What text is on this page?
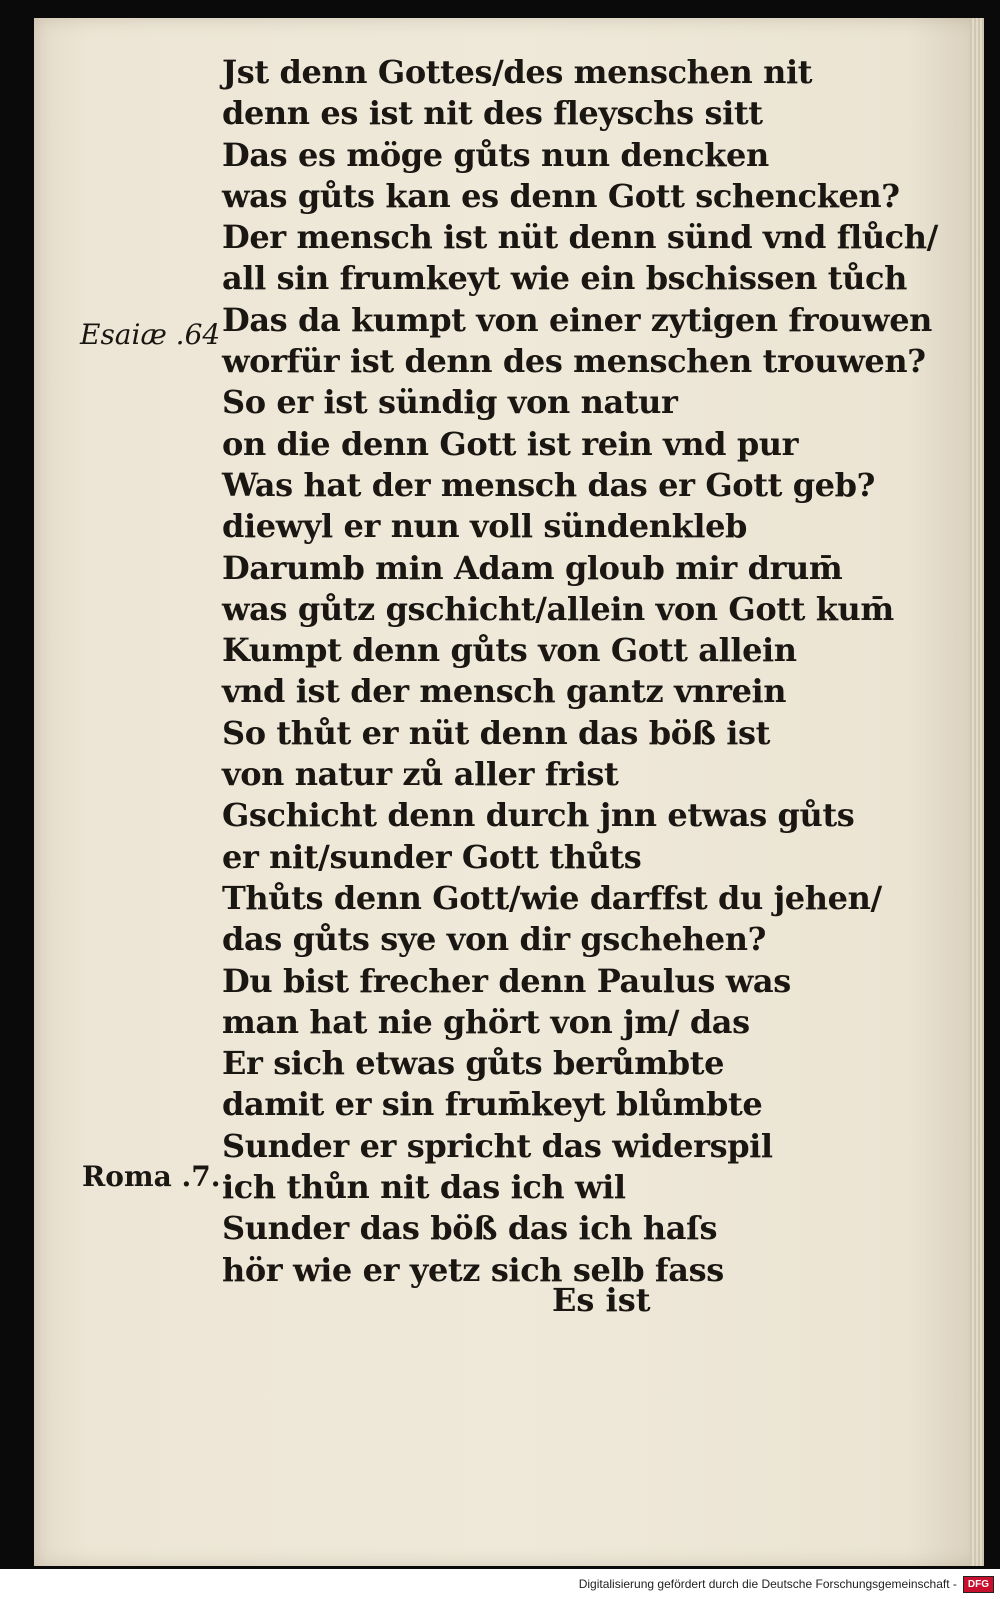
Jst denn Gottes/des menschen nit
denn es ist nit des fleyschs sitt
Das es möge gůts nun dencken
was gůts kan es denn Gott schencken?
Der mensch ist nüt denn sünd vnd flůch/
all sin frumkeyt wie ein bschissen tůch
Das da kumpt von einer zytigen frouwen
worfür ist denn des menschen trouwen?
So er ist sündig von natur
on die denn Gott ist rein vnd pur
Was hat der mensch das er Gott geb?
diewyl er nun voll sündenkleb
Darumb min Adam gloub mir drum̄
was gůtz gschicht/allein von Gott kum̄
Kumpt denn gůts von Gott allein
vnd ist der mensch gantz vnrein
So thůt er nüt denn das böß ist
von natur zů aller frist
Gschicht denn durch jnn etwas gůts
er nit/sunder Gott thůts
Thůts denn Gott/wie darffst du jehen/
das gůts sye von dir gschehen?
Du bist frecher denn Paulus was
man hat nie ghört von jm/ das
Er sich etwas gůts berůmbte
damit er sin frum̄keyt blůmbte
Sunder er spricht das widerspil
ich thůn nit das ich wil
Sunder das böß das ich haſs
hör wie er yetz sich selb fass
Es ist
Esaiæ .64
Roma .7.
Digitalisierung gefördert durch die Deutsche Forschungsgemeinschaft -	DFG
